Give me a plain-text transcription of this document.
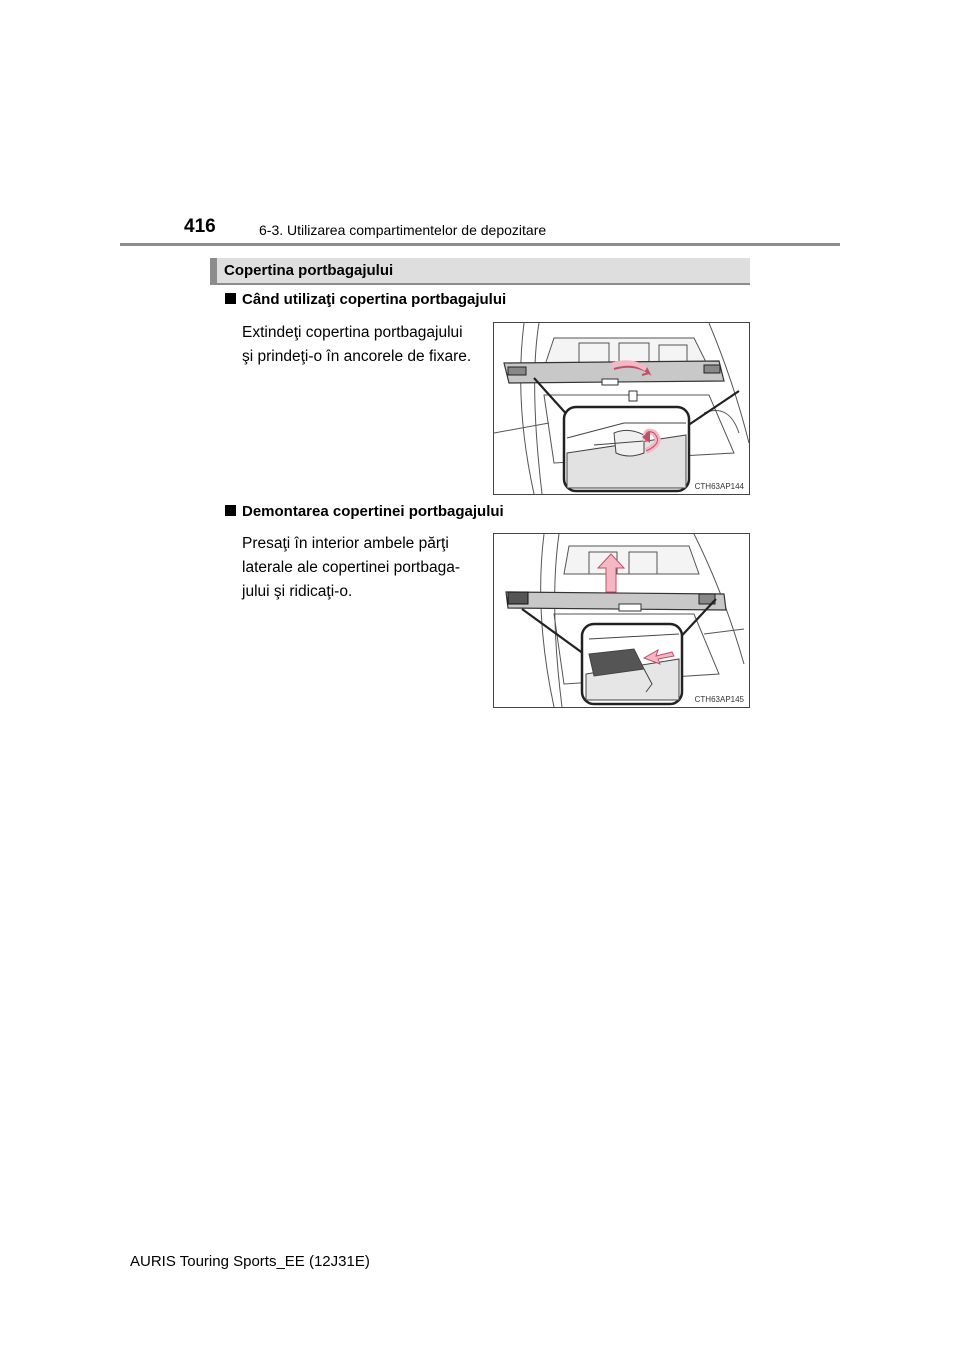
416	6-3. Utilizarea compartimentelor de depozitare
Copertina portbagajului
Când utilizaţi copertina portbagajului
Extindeţi copertina portbagajului
şi prindeţi-o în ancorele de fixare.
CTH63AP144
Demontarea copertinei portbagajului
Presaţi în interior ambele părţi
laterale ale copertinei portbaga-
jului şi ridicaţi-o.
CTH63AP145
AURIS Touring Sports_EE (12J31E)
